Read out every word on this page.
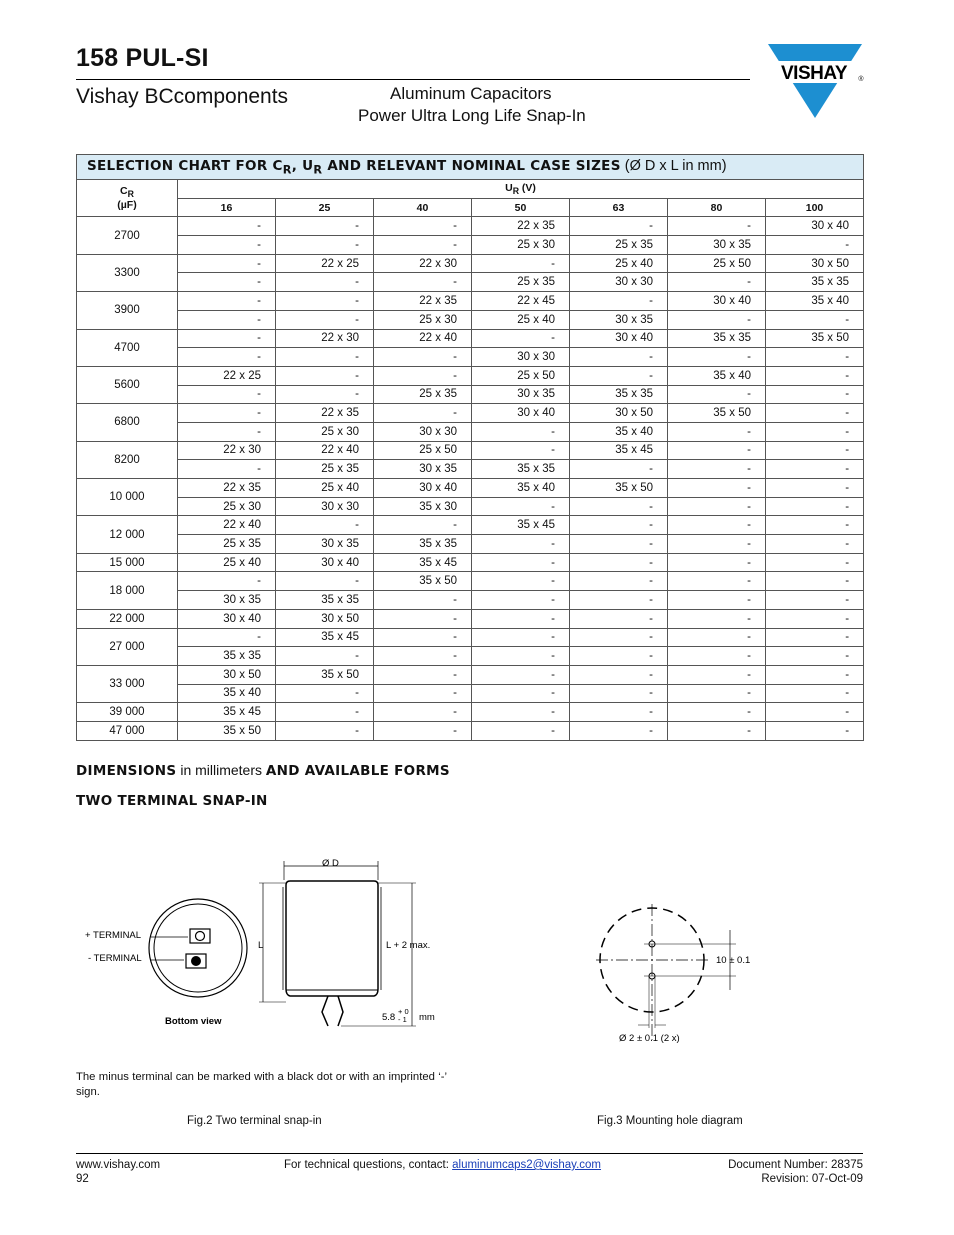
158 PUL-SI
Vishay BCcomponents	Aluminum Capacitors
Power Ultra Long Life Snap-In
VISHAY ®
SELECTION CHART FOR $C_R$, $U_R$ AND RELEVANT NOMINAL CASE SIZES (Ø D x L in mm)							
$C_R$
(µF)	$U_R$ (V)						
	16	25	40	50	63	80	100
2700	-	-	-	22 x 35	-	-	30 x 40
	-	-	-	25 x 30	25 x 35	30 x 35	-
3300	-	22 x 25	22 x 30	-	25 x 40	25 x 50	30 x 50
	-	-	-	25 x 35	30 x 30	-	35 x 35
3900	-	-	22 x 35	22 x 45	-	30 x 40	35 x 40
	-	-	25 x 30	25 x 40	30 x 35	-	-
4700	-	22 x 30	22 x 40	-	30 x 40	35 x 35	35 x 50
	-	-	-	30 x 30	-	-	-
5600	22 x 25	-	-	25 x 50	-	35 x 40	-
	-	-	25 x 35	30 x 35	35 x 35	-	-
6800	-	22 x 35	-	30 x 40	30 x 50	35 x 50	-
	-	25 x 30	30 x 30	-	35 x 40	-	-
8200	22 x 30	22 x 40	25 x 50	-	35 x 45	-	-
	-	25 x 35	30 x 35	35 x 35	-	-	-
10 000	22 x 35	25 x 40	30 x 40	35 x 40	35 x 50	-	-
	25 x 30	30 x 30	35 x 30	-	-	-	-
12 000	22 x 40	-	-	35 x 45	-	-	-
	25 x 35	30 x 35	35 x 35	-	-	-	-
15 000	25 x 40	30 x 40	35 x 45	-	-	-	-
18 000	-	-	35 x 50	-	-	-	-
	30 x 35	35 x 35	-	-	-	-	-
22 000	30 x 40	30 x 50	-	-	-	-	-
27 000	-	35 x 45	-	-	-	-	-
	35 x 35	-	-	-	-	-	-
33 000	30 x 50	35 x 50	-	-	-	-	-
	35 x 40	-	-	-	-	-	-
39 000	35 x 45	-	-	-	-	-	-
47 000	35 x 50	-	-	-	-	-	-
DIMENSIONS in millimeters AND AVAILABLE FORMS
TWO TERMINAL SNAP-IN
+ TERMINAL
- TERMINAL
Bottom view
Ø D
L	L + 2 max.
5.8
+ 0
- 1 mm
10 ± 0.1
Ø 2 ± 0.1 (2 x)
The minus terminal can be marked with a black dot or with an imprinted ‘-’ sign.
Fig.2 Two terminal snap-in	Fig.3 Mounting hole diagram
www.vishay.com
92
For technical questions, contact: aluminumcaps2@vishay.com	Document Number: 28375
Revision: 07-Oct-09
